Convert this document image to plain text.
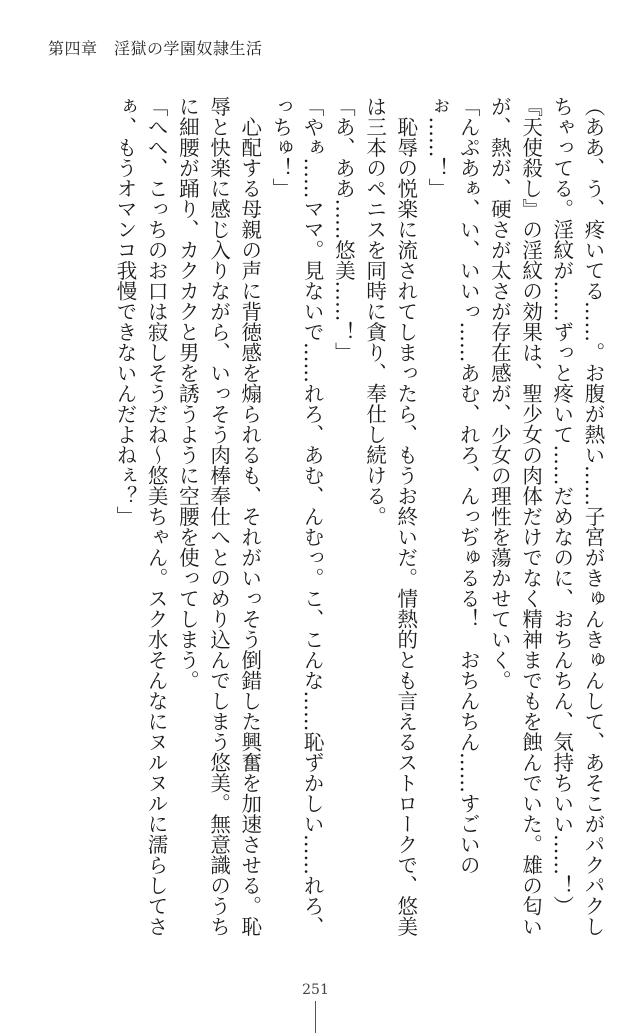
第四章　淫獄の学園奴隷生活

（ああ、う、疼いてる……。お腹が熱い……子宮がきゅんきゅんして、あそこがパクパクしちゃってる。淫紋が……ずっと疼いて……だめなのに、おちんちん、気持ちいい……！）

『天使殺し』の淫紋の効果は、聖少女の肉体だけでなく精神までもを蝕んでいた。雄の匂いが、熱が、硬さが太さが存在感が、少女の理性を蕩かせていく。

「んぷあぁ、い、いいっ……あむ、れろ、んっぢゅるる！　おちんちん……すごいのぉ……！」

　恥辱の悦楽に流されてしまったら、もうお終いだ。情熱的とも言えるストロークで、悠美は三本のペニスを同時に貪り、奉仕し続ける。

「あ、ああ……悠美……！」

「やぁ……ママ。見ないで……れろ、あむ、んむっ。こ、こんな……恥ずかしい……れろ、っちゅ！」

　心配する母親の声に背徳感を煽られるも、それがいっそう倒錯した興奮を加速させる。恥辱と快楽に感じ入りながら、いっそう肉棒奉仕へとのめり込んでしまう悠美。無意識のうちに細腰が踊り、カクカクと男を誘うように空腰を使ってしまう。

「へへ、こっちのお口は寂しそうだね～悠美ちゃん。スク水そんなにヌルヌルに濡らしてさぁ、もうオマンコ我慢できないんだよねぇ？」

251
